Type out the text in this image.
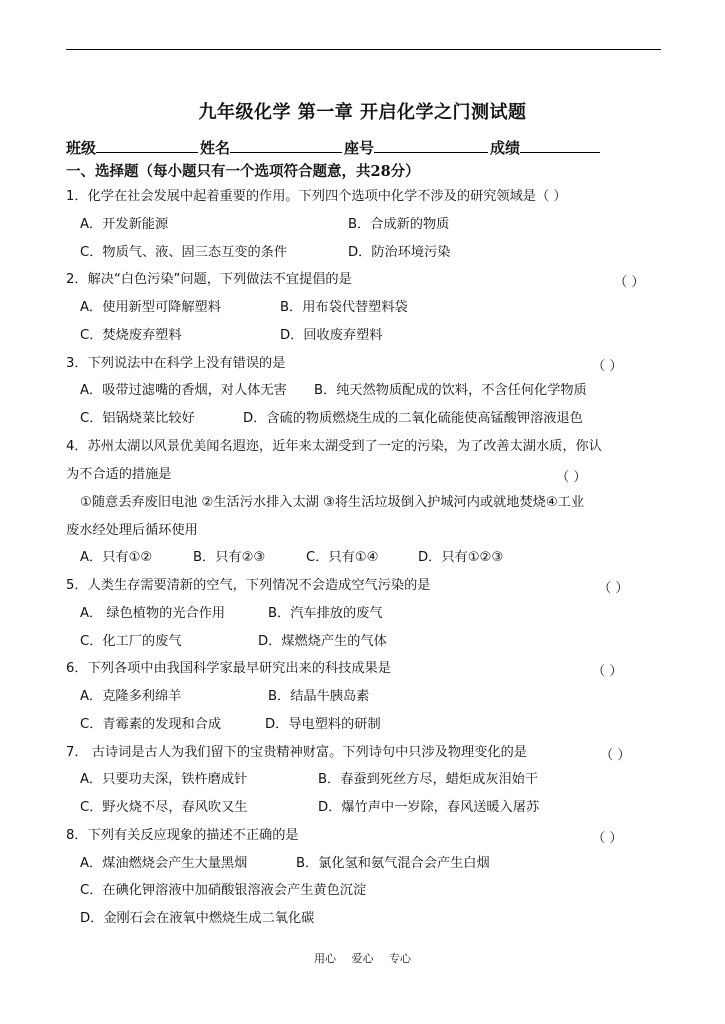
九年级化学 第一章 开启化学之门测试题
班级	姓名	座号	成绩
一、选择题（每小题只有一个选项符合题意，共28分）
1．化学在社会发展中起着重要的作用。下列四个选项中化学不涉及的研究领域是（ ）
A．开发新能源	B．合成新的物质
C．物质气、液、固三态互变的条件	D．防治环境污染
2．解决“白色污染”问题，下列做法不宜提倡的是	（ ）
A．使用新型可降解塑料	B．用布袋代替塑料袋
C．焚烧废弃塑料	D．回收废弃塑料
3．下列说法中在科学上没有错误的是	（ ）
A．吸带过滤嘴的香烟，对人体无害 B．纯天然物质配成的饮料，不含任何化学物质
C．铝锅烧菜比较好	D．含硫的物质燃烧生成的二氧化硫能使高锰酸钾溶液退色
4．苏州太湖以风景优美闻名遐迩，近年来太湖受到了一定的污染，为了改善太湖水质，你认
为不合适的措施是	（ ）
①随意丢弃废旧电池 ②生活污水排入太湖 ③将生活垃圾倒入护城河内或就地焚烧④工业
废水经处理后循环使用
A．只有①②	B．只有②③	C．只有①④	D．只有①②③
5．人类生存需要清新的空气，下列情况不会造成空气污染的是	（ ）
A． 绿色植物的光合作用	B．汽车排放的废气
C．化工厂的废气	D．煤燃烧产生的气体
6．下列各项中由我国科学家最早研究出来的科技成果是	（ ）
A．克隆多利绵羊	B．结晶牛胰岛素
C．青霉素的发现和合成	D．导电塑料的研制
7． 古诗词是古人为我们留下的宝贵精神财富。下列诗句中只涉及物理变化的是	（ ）
A．只要功夫深，铁杵磨成针	B．春蚕到死丝方尽，蜡炬成灰泪始干
C．野火烧不尽，春风吹又生	D．爆竹声中一岁除，春风送暖入屠苏
8．下列有关反应现象的描述不正确的是	（ ）
A．煤油燃烧会产生大量黑烟	B．氯化氢和氨气混合会产生白烟
C．在碘化钾溶液中加硝酸银溶液会产生黄色沉淀
D．金刚石会在液氧中燃烧生成二氧化碳
用心 爱心 专心
